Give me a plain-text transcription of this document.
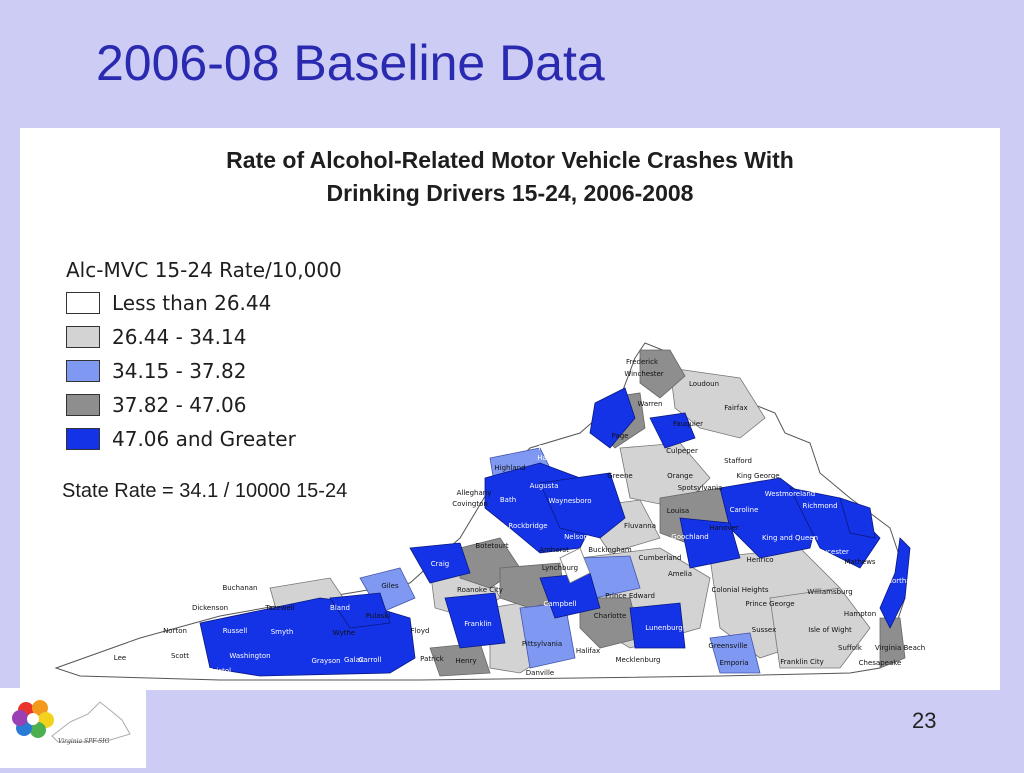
2006-08 Baseline Data
Frederick
Winchester
Loudoun
Warren	Fairfax
Fauquier
Page
Rockingham
Harrisonburg
Culpeper
Stafford
Highland
Greene	Orange	King George
Spotsylvania
Westmoreland
Augusta
Waynesboro
Bath
Caroline	Richmond
Louisa
Alleghany
Covington
Rockbridge	Fluvanna	Accomack
Nelson	Goochland
Hanover
King and Queen
Botetourt	Amherst	Buckingham
Cumberland	Henrico
Gloucester
Mathews
Craig	Lynchburg
Amelia
Northampton
Buchanan	Giles	Roanoke City	Colonial Heights	Williamsburg
Dickenson	Tazewell	Bland	Campbell
Prince Edward
Prince George
Pulaski	Charlotte	Hampton
Norton	Russell	Wythe
Franklin	Lunenburg	Sussex	Isle of Wight
Floyd
Pittsylvania	Greensville	Suffolk Virginia Beach
Scott	Washington
Smyth
Halifax
Lee	Grayson	Carroll
Galax	Patrick Henry	Mecklenburg	Emporia	Franklin City	Chesapeake
Bristol	Danville
Rate of Alcohol-Related Motor Vehicle Crashes With
Drinking Drivers 15-24, 2006-2008
Alc-MVC 15-24 Rate/10,000
Less than 26.44
26.44 - 34.14
34.15 - 37.82
37.82 - 47.06
47.06 and Greater
State Rate = 34.1 / 10000 15-24
Virginia SPF-SIG
23
